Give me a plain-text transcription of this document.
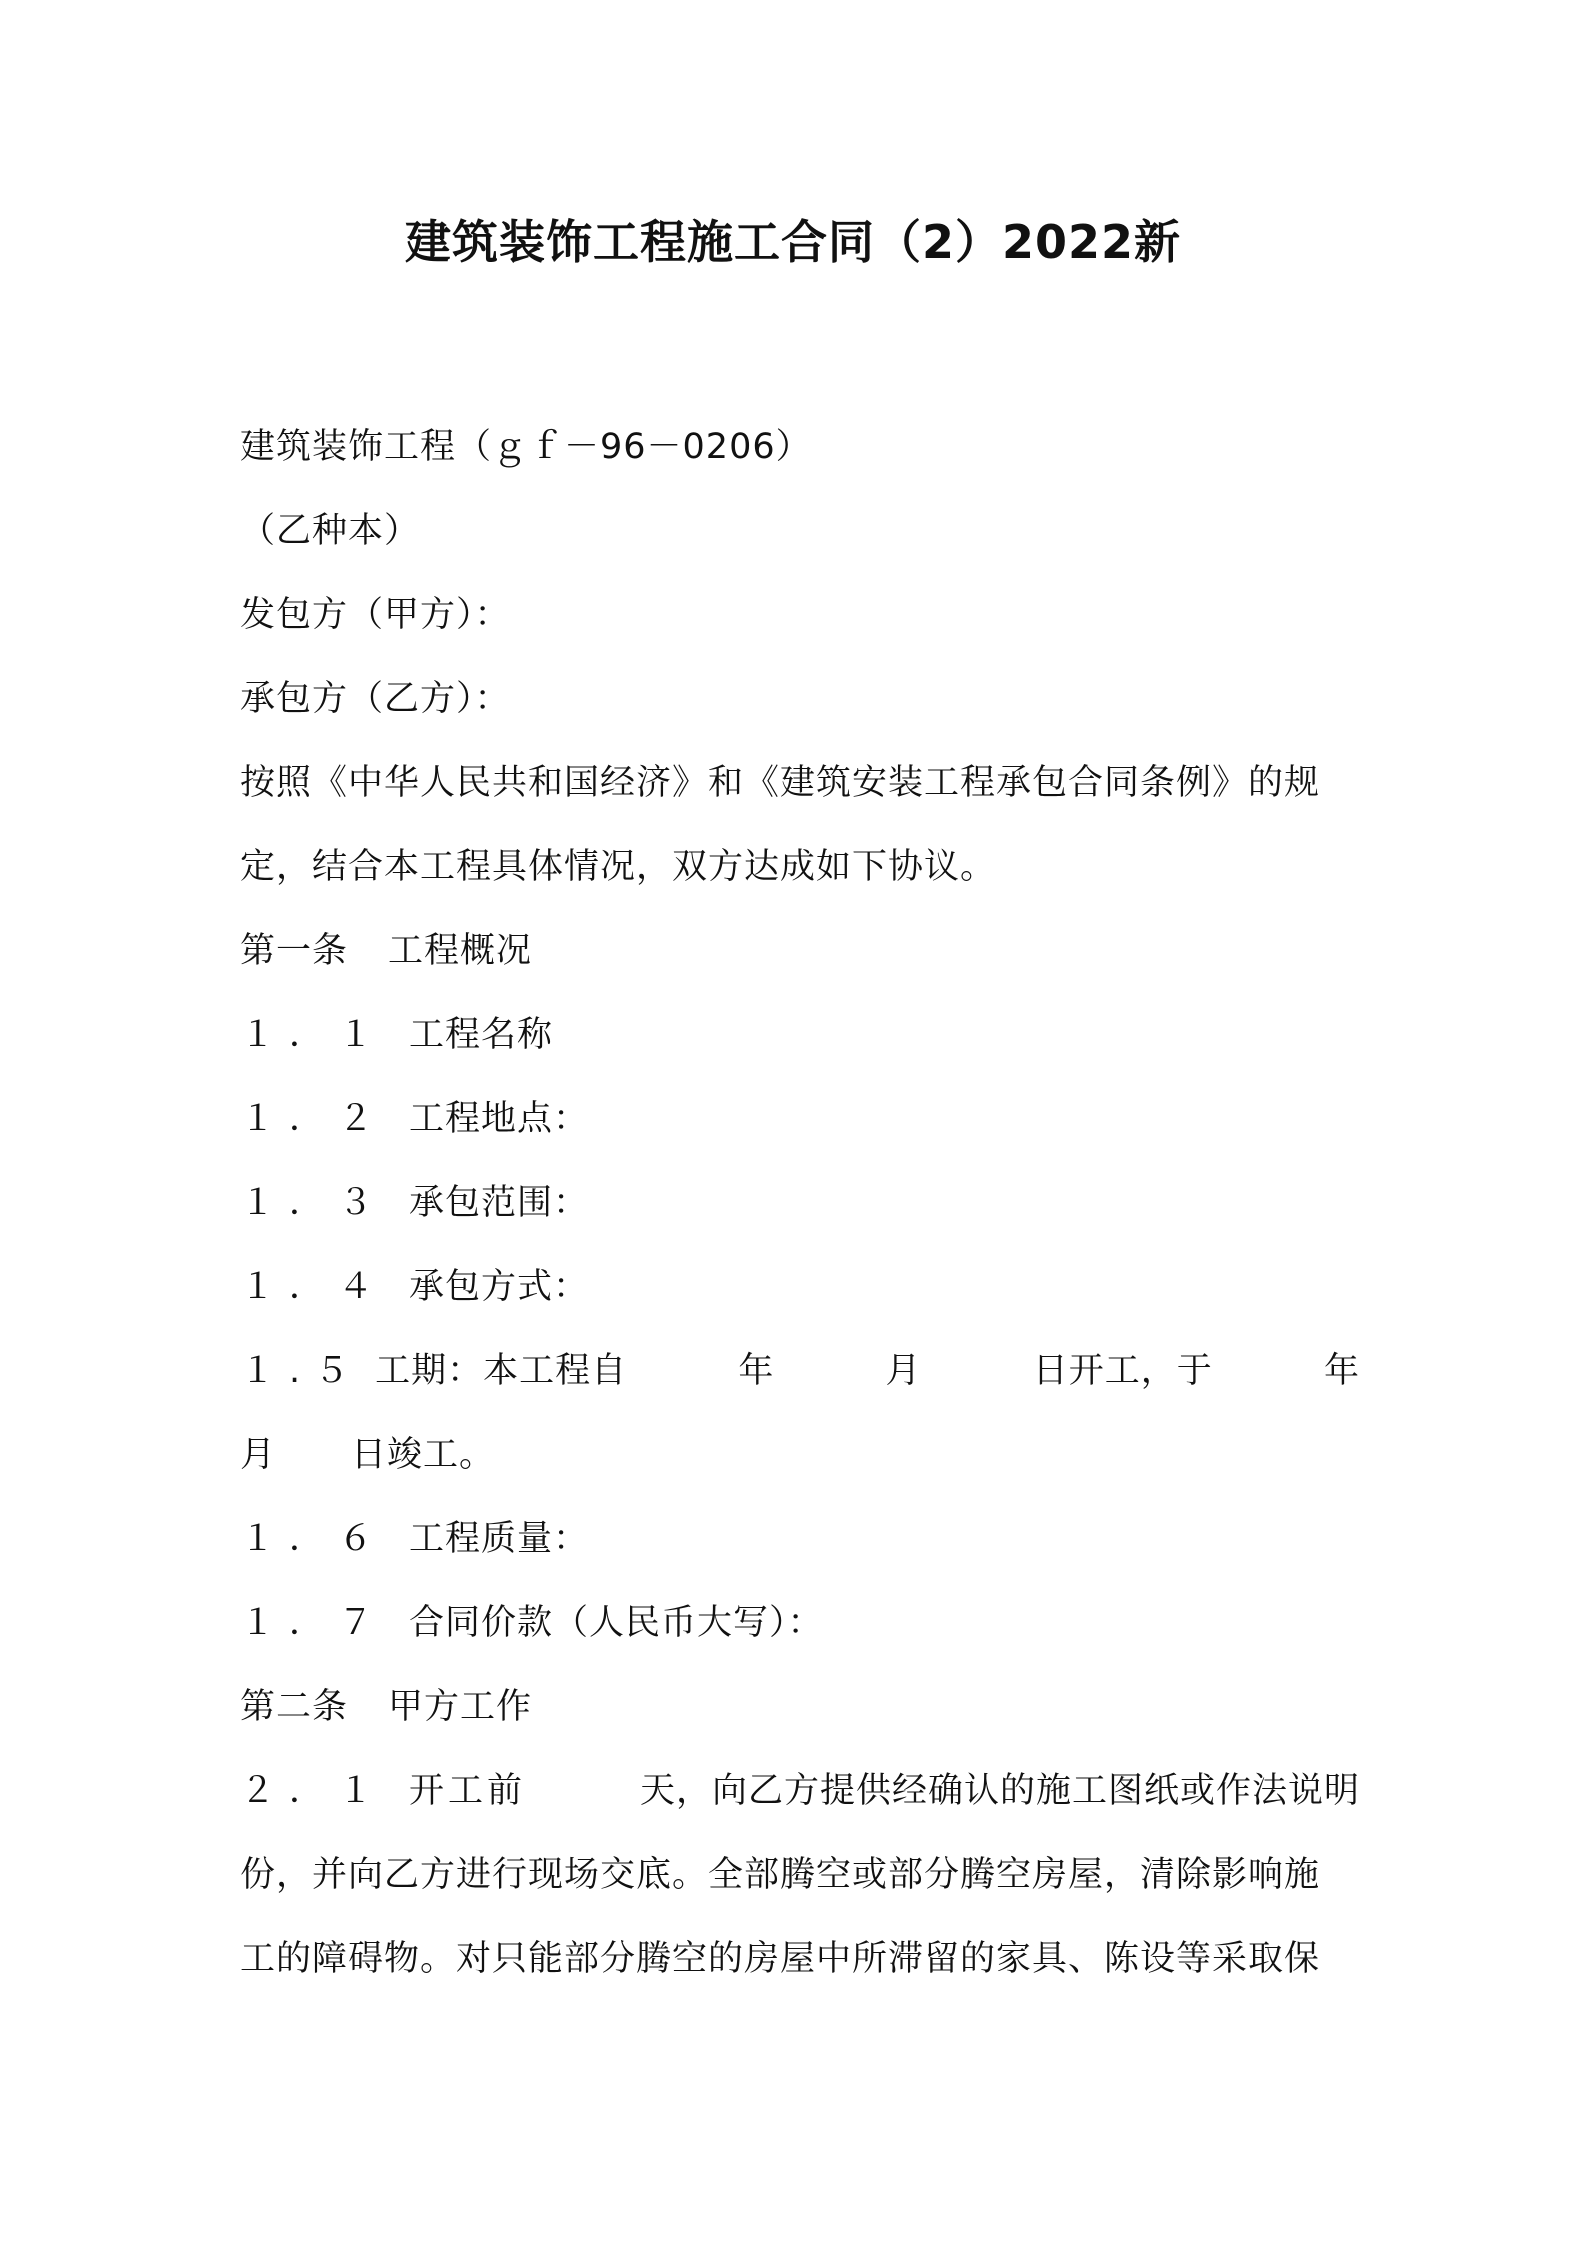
建筑装饰工程施工合同（2）2022新
建筑装饰工程（ｇｆ－96－0206）
（乙种本）
发包方（甲方）：
承包方（乙方）：
按照《中华人民共和国经济》和《建筑安装工程承包合同条例》的规
定，结合本工程具体情况，双方达成如下协议。
第一条 工程概况
１．１ 工程名称
１．２ 工程地点：
１．３ 承包范围：
１．４ 承包方式：
１.５ 工期：本工程自	年	月	日开工，于	年
月 日竣工。
１．６ 工程质量：
１．７ 合同价款（人民币大写）：
第二条 甲方工作
２．１ 开工前	天，向乙方提供经确认的施工图纸或作法说明
份，并向乙方进行现场交底。全部腾空或部分腾空房屋，清除影响施
工的障碍物。对只能部分腾空的房屋中所滞留的家具、陈设等采取保
